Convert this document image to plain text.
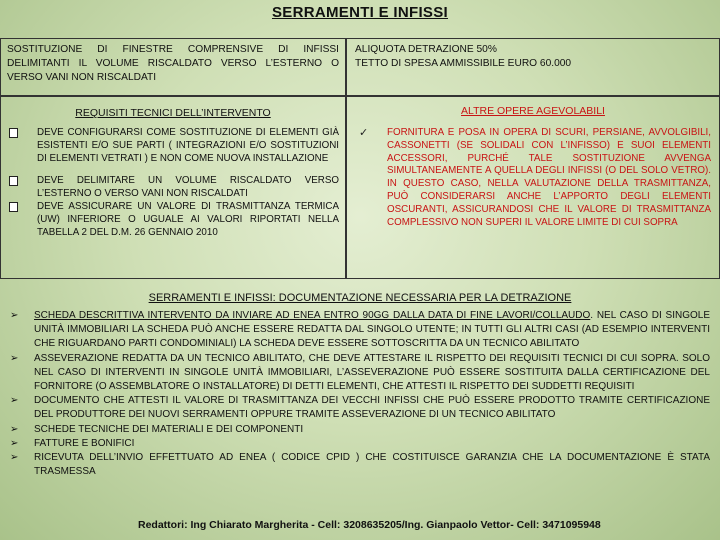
SERRAMENTI E INFISSI
SOSTITUZIONE DI FINESTRE COMPRENSIVE DI INFISSI DELIMITANTI IL VOLUME RISCALDATO VERSO L’ESTERNO O VERSO VANI NON RISCALDATI
ALIQUOTA DETRAZIONE 50%
TETTO DI SPESA AMMISSIBILE EURO 60.000
REQUISITI TECNICI DELL’INTERVENTO
DEVE CONFIGURARSI COME SOSTITUZIONE DI ELEMENTI GIÀ ESISTENTI E/O SUE PARTI ( INTEGRAZIONI E/O SOSTITUZIONI DI ELEMENTI VETRATI ) E NON COME NUOVA INSTALLAZIONE
DEVE DELIMITARE UN VOLUME RISCALDATO VERSO L’ESTERNO O VERSO VANI NON RISCALDATI
DEVE ASSICURARE UN VALORE DI TRASMITTANZA TERMICA (UW) INFERIORE O UGUALE AI VALORI RIPORTATI NELLA TABELLA 2 DEL D.M. 26 GENNAIO 2010
ALTRE OPERE AGEVOLABILI
✓ FORNITURA E POSA IN OPERA DI SCURI, PERSIANE, AVVOLGIBILI, CASSONETTI (SE SOLIDALI CON L’INFISSO) E SUOI ELEMENTI ACCESSORI, PURCHÉ TALE SOSTITUZIONE AVVENGA SIMULTANEAMENTE A QUELLA DEGLI INFISSI (O DEL SOLO VETRO). IN QUESTO CASO, NELLA VALUTAZIONE DELLA TRASMITTANZA, PUÒ CONSIDERARSI ANCHE L’APPORTO DEGLI ELEMENTI OSCURANTI, ASSICURANDOSI CHE IL VALORE DI TRASMITTANZA COMPLESSIVO NON SUPERI IL VALORE LIMITE DI CUI SOPRA
SERRAMENTI E INFISSI: DOCUMENTAZIONE NECESSARIA PER LA DETRAZIONE
➢ SCHEDA DESCRITTIVA INTERVENTO DA INVIARE AD ENEA ENTRO 90GG DALLA DATA DI FINE LAVORI/COLLAUDO. NEL CASO DI SINGOLE UNITÀ IMMOBILIARI LA SCHEDA PUÒ ANCHE ESSERE REDATTA DAL SINGOLO UTENTE; IN TUTTI GLI ALTRI CASI (AD ESEMPIO INTERVENTI CHE RIGUARDANO PARTI CONDOMINIALI) LA SCHEDA DEVE ESSERE SOTTOSCRITTA DA UN TECNICO ABILITATO
➢ ASSEVERAZIONE REDATTA DA UN TECNICO ABILITATO, CHE DEVE ATTESTARE IL RISPETTO DEI REQUISITI TECNICI DI CUI SOPRA. SOLO NEL CASO DI INTERVENTI IN SINGOLE UNITÀ IMMOBILIARI, L’ASSEVERAZIONE PUÒ ESSERE SOSTITUITA DALLA CERTIFICAZIONE DEL FORNITORE (O ASSEMBLATORE O INSTALLATORE) DI DETTI ELEMENTI, CHE ATTESTI IL RISPETTO DEI SUDDETTI REQUISITI
➢ DOCUMENTO CHE ATTESTI IL VALORE DI TRASMITTANZA DEI VECCHI INFISSI CHE PUÒ ESSERE PRODOTTO TRAMITE CERTIFICAZIONE DEL PRODUTTORE DEI NUOVI SERRAMENTI OPPURE TRAMITE ASSEVERAZIONE DI UN TECNICO ABILITATO
➢ SCHEDE TECNICHE DEI MATERIALI E DEI COMPONENTI
➢ FATTURE E BONIFICI
➢ RICEVUTA DELL’INVIO EFFETTUATO AD ENEA ( CODICE CPID ) CHE COSTITUISCE GARANZIA CHE LA DOCUMENTAZIONE È STATA TRASMESSA
Redattori: Ing Chiarato Margherita - Cell: 3208635205/Ing. Gianpaolo Vettor- Cell: 3471095948
